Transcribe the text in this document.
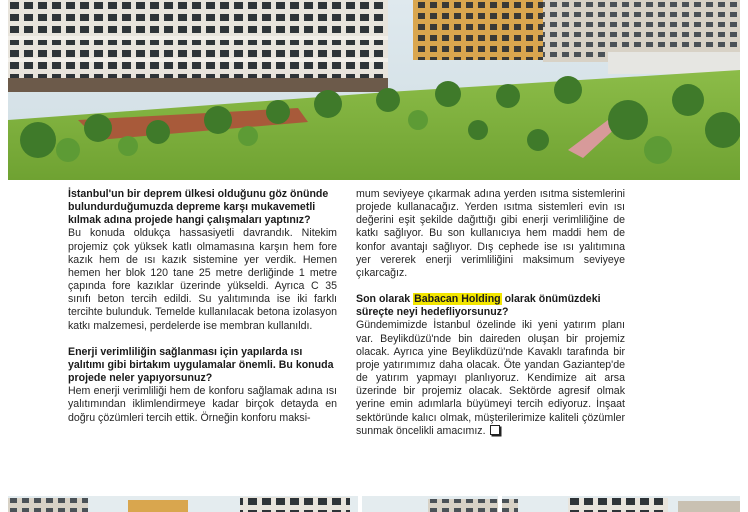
İstanbul'un bir deprem ülkesi olduğunu göz önünde bulundurduğumuzda depreme karşı mukavemetli kılmak adına projede hangi çalışmaları yaptınız?

Bu konuda oldukça hassasiyetli davrandık. Nitekim projemiz çok yüksek katlı olmamasına karşın hem fore kazık hem de ısı kazık sistemine yer verdik. Hemen hemen her blok 120 tane 25 metre derliğinde 1 metre çapında fore kazıklar üzerinde yükseldi. Ayrıca C 35 sınıfı beton tercih edildi. Su yalıtımında ise iki farklı tercihte bulunduk. Temelde kullanılacak betona izolasyon katkı malzemesi, perdelerde ise membran kullanıldı.

Enerji verimliliğin sağlanması için yapılarda ısı yalıtımı gibi birtakım uygulamalar önemli. Bu konuda projede neler yapıyorsunuz?

Hem enerji verimliliği hem de konforu sağlamak adına ısı yalıtımından iklimlendirmeye kadar birçok detayda en doğru çözümleri tercih ettik. Örneğin konforu maksi-

mum seviyeye çıkarmak adına yerden ısıtma sistemlerini projede kullanacağız. Yerden ısıtma sistemleri evin ısı değerini eşit şekilde dağıttığı gibi enerji verimliliğine de katkı sağlıyor. Bu son kullanıcıya hem maddi hem de konfor avantajı sağlıyor. Dış cephede ise ısı yalıtımına yer vererek enerji verimliliğini maksimum seviyeye çıkarcağız.

Son olarak Babacan Holding olarak önümüzdeki süreçte neyi hedefliyorsunuz?

Gündemimizde İstanbul özelinde iki yeni yatırım planı var. Beylikdüzü'nde bin daireden oluşan bir projemiz olacak. Ayrıca yine Beylikdüzü'nde Kavaklı tarafında bir proje yatırımımız daha olacak. Öte yandan Gaziantep'de de yatırım yapmayı planlıyoruz. Kendimize ait arsa üzerinde bir projemiz olacak. Sektörde agresif olmak yerine emin adımlarla büyümeyi tercih ediyoruz. İnşaat sektöründe kalıcı olmak, müşterilerimize kaliteli çözümler sunmak öncelikli amacımız.
